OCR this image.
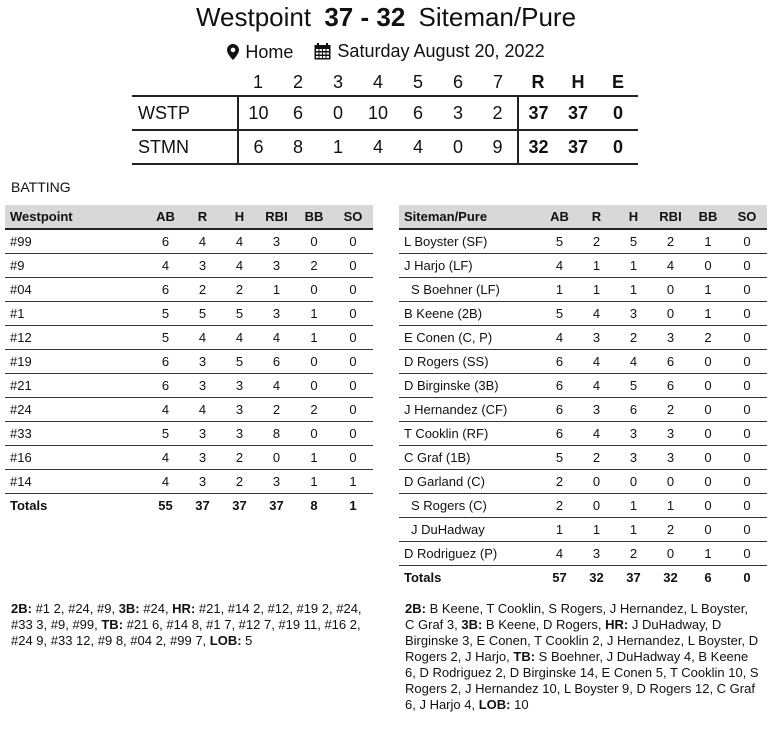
Westpoint 37 - 32 Siteman/Pure
Home
Saturday August 20, 2022
	1	2	3	4	5	6	7	R	H	E
WSTP	10	6	0	10	6	3	2	37	37	0
STMN	6	8	1	4	4	0	9	32	37	0
BATTING
Westpoint	AB	R	H	RBI	BB	SO
#99	6	4	4	3	0	0
#9	4	3	4	3	2	0
#04	6	2	2	1	0	0
#1	5	5	5	3	1	0
#12	5	4	4	4	1	0
#19	6	3	5	6	0	0
#21	6	3	3	4	0	0
#24	4	4	3	2	2	0
#33	5	3	3	8	0	0
#16	4	3	2	0	1	0
#14	4	3	2	3	1	1
Totals	55	37	37	37	8	1
Siteman/Pure	AB	R	H	RBI	BB	SO
L Boyster (SF)	5	2	5	2	1	0
J Harjo (LF)	4	1	1	4	0	0
S Boehner (LF)	1	1	1	0	1	0
B Keene (2B)	5	4	3	0	1	0
E Conen (C, P)	4	3	2	3	2	0
D Rogers (SS)	6	4	4	6	0	0
D Birginske (3B)	6	4	5	6	0	0
J Hernandez (CF)	6	3	6	2	0	0
T Cooklin (RF)	6	4	3	3	0	0
C Graf (1B)	5	2	3	3	0	0
D Garland (C)	2	0	0	0	0	0
S Rogers (C)	2	0	1	1	0	0
J DuHadway	1	1	1	2	0	0
D Rodriguez (P)	4	3	2	0	1	0
Totals	57	32	37	32	6	0
2B: #1 2, #24, #9, 3B: #24, HR: #21, #14 2, #12, #19 2, #24, #33 3, #9, #99, TB: #21 6, #14 8, #1 7, #12 7, #19 11, #16 2, #24 9, #33 12, #9 8, #04 2, #99 7, LOB: 5
2B: B Keene, T Cooklin, S Rogers, J Hernandez, L Boyster, C Graf 3, 3B: B Keene, D Rogers, HR: J DuHadway, D Birginske 3, E Conen, T Cooklin 2, J Hernandez, L Boyster, D Rogers 2, J Harjo, TB: S Boehner, J DuHadway 4, B Keene 6, D Rodriguez 2, D Birginske 14, E Conen 5, T Cooklin 10, S Rogers 2, J Hernandez 10, L Boyster 9, D Rogers 12, C Graf 6, J Harjo 4, LOB: 10
